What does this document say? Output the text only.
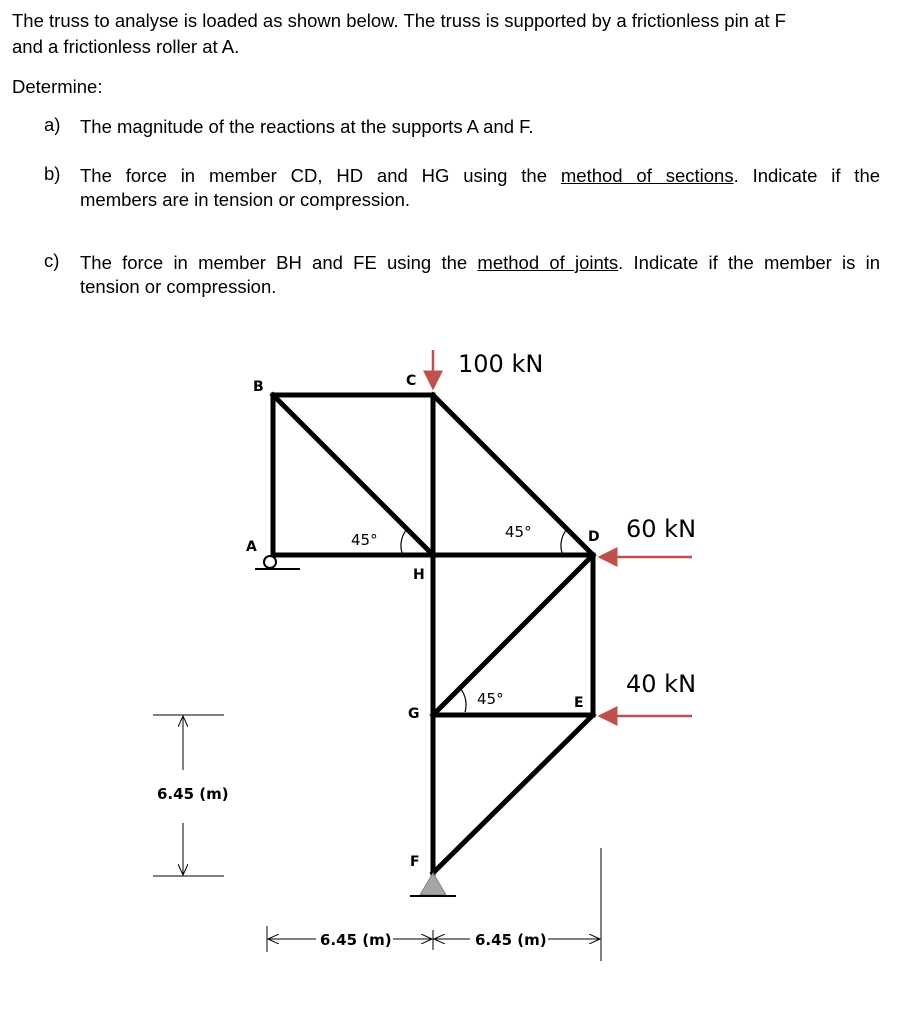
The truss to analyse is loaded as shown below. The truss is supported by a frictionless pin at F

and a frictionless roller at A.

Determine:

a) The magnitude of the reactions at the supports A and F.
b) The force in member CD, HD and HG using the method of sections. Indicate if the
members are in tension or compression.
c) The force in member BH and FE using the method of joints. Indicate if the member is in
tension or compression.
B
A
C
D
H
G
E
F
45°	45°
45°
100 kN
60 kN
40 kN
6.45 (m)
6.45 (m)	6.45 (m)
